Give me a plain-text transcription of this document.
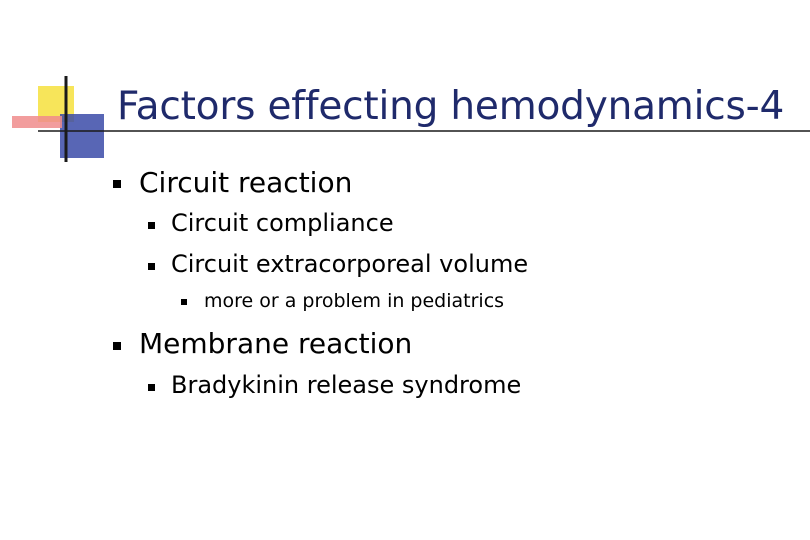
Factors effecting hemodynamics-4
Circuit reaction
Circuit compliance
Circuit extracorporeal volume
more or a problem in pediatrics
Membrane reaction
Bradykinin release syndrome
